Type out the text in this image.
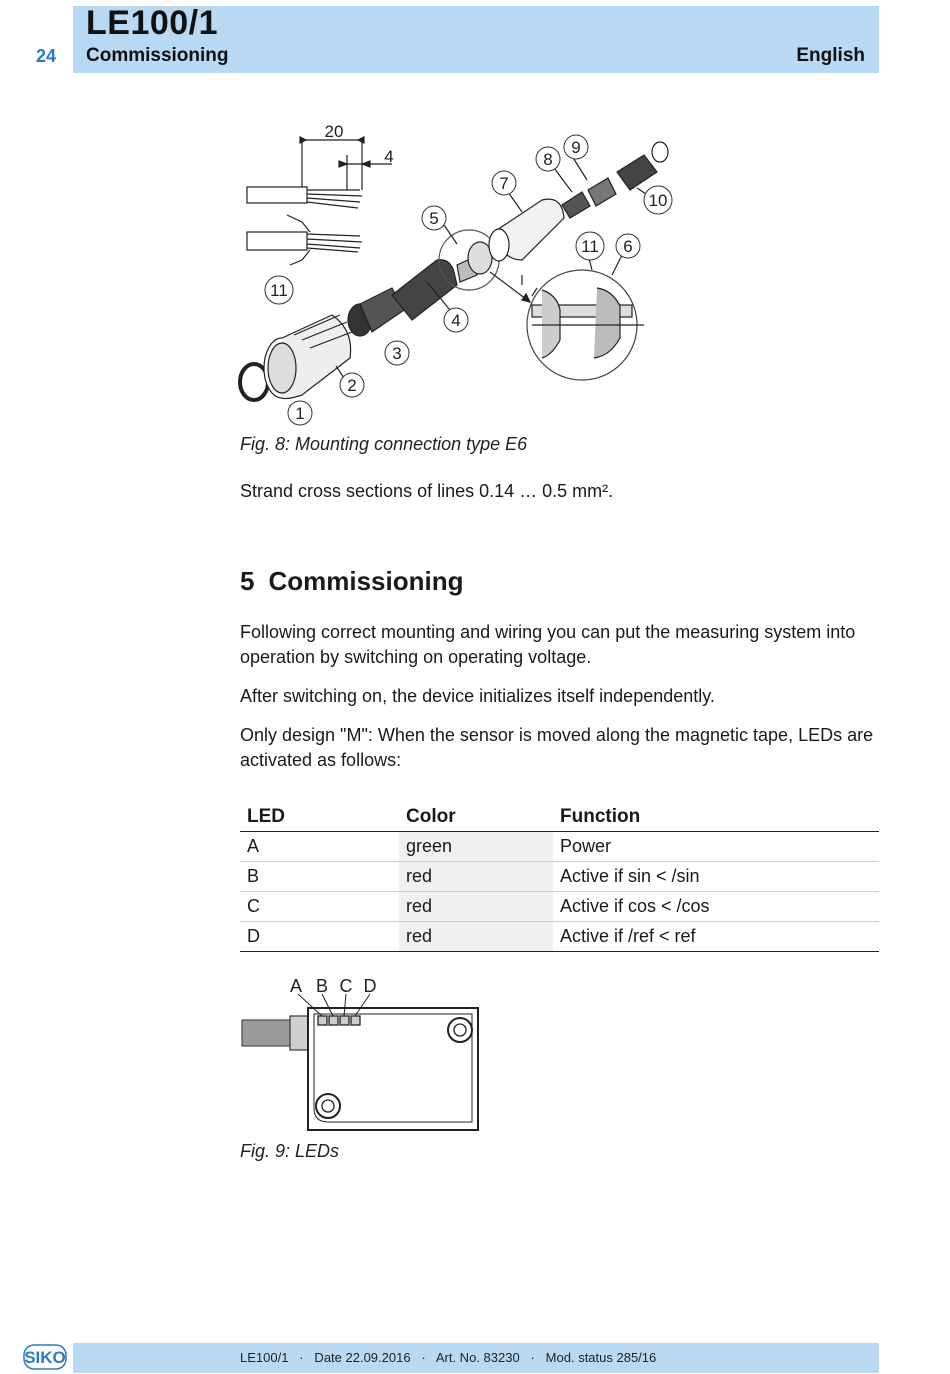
24
LE100/1
Commissioning	English
20
4
1
2
3
4
5
6
7
8
9
10
11
11
Fig. 8: Mounting connection type E6
Strand cross sections of lines 0.14 … 0.5 mm².
5 Commissioning
Following correct mounting and wiring you can put the measuring system into operation by switching on operating voltage.
After switching on, the device initializes itself independently.
Only design "M": When the sensor is moved along the magnetic tape, LEDs are activated as follows:
LED	Color	Function
A	green	Power
B	red	Active if sin < /sin
C	red	Active if cos < /cos
D	red	Active if /ref < ref
A B C D
Fig. 9: LEDs
SIKO	LE100/1   ·   Date 22.09.2016   ·   Art. No. 83230   ·   Mod. status 285/16
